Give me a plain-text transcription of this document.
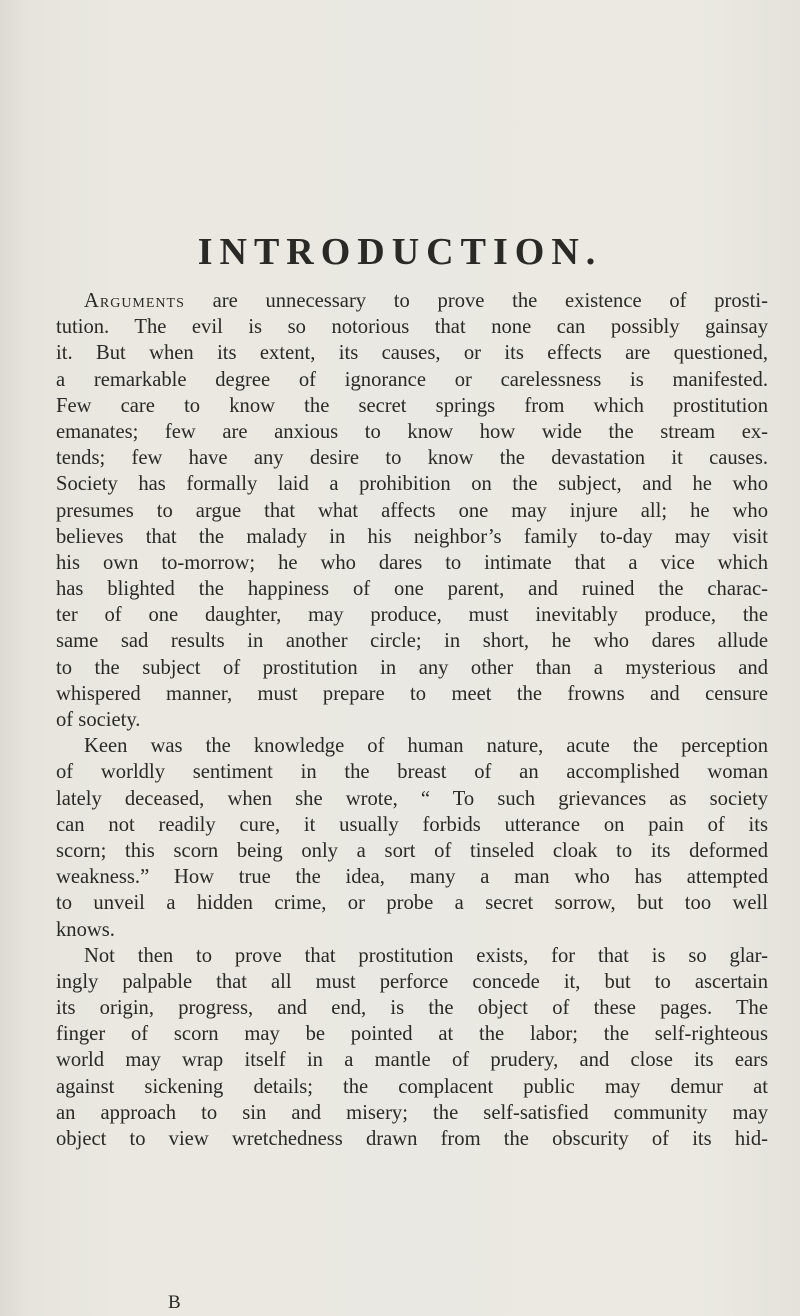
INTRODUCTION.
Arguments are unnecessary to prove the existence of prosti-
tution. The evil is so notorious that none can possibly gainsay
it. But when its extent, its causes, or its effects are questioned,
a remarkable degree of ignorance or carelessness is manifested.
Few care to know the secret springs from which prostitution
emanates; few are anxious to know how wide the stream ex-
tends; few have any desire to know the devastation it causes.
Society has formally laid a prohibition on the subject, and he who
presumes to argue that what affects one may injure all; he who
believes that the malady in his neighbor’s family to-day may visit
his own to-morrow; he who dares to intimate that a vice which
has blighted the happiness of one parent, and ruined the charac-
ter of one daughter, may produce, must inevitably produce, the
same sad results in another circle; in short, he who dares allude
to the subject of prostitution in any other than a mysterious and
whispered manner, must prepare to meet the frowns and censure
of society.
Keen was the knowledge of human nature, acute the perception
of worldly sentiment in the breast of an accomplished woman
lately deceased, when she wrote, “ To such grievances as society
can not readily cure, it usually forbids utterance on pain of its
scorn; this scorn being only a sort of tinseled cloak to its deformed
weakness.” How true the idea, many a man who has attempted
to unveil a hidden crime, or probe a secret sorrow, but too well
knows.
Not then to prove that prostitution exists, for that is so glar-
ingly palpable that all must perforce concede it, but to ascertain
its origin, progress, and end, is the object of these pages. The
finger of scorn may be pointed at the labor; the self-righteous
world may wrap itself in a mantle of prudery, and close its ears
against sickening details; the complacent public may demur at
an approach to sin and misery; the self-satisfied community may
object to view wretchedness drawn from the obscurity of its hid-
B
